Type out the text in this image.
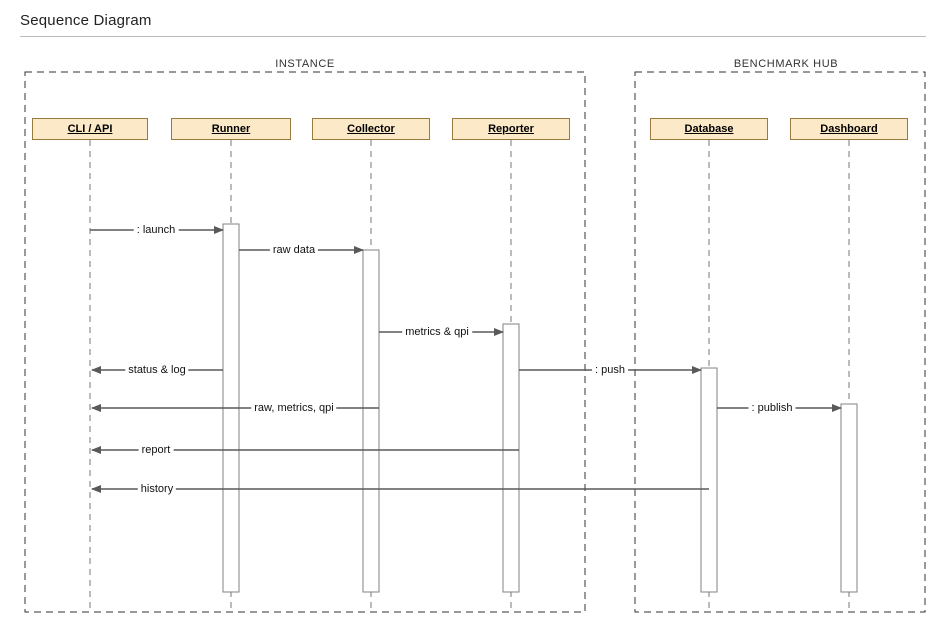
Sequence Diagram
INSTANCE	BENCHMARK HUB
CLI / API	Runner	Collector	Reporter	Database	Dashboard
: launch
raw data
metrics & qpi
status & log	: push
raw, metrics, qpi	: publish
report
history
